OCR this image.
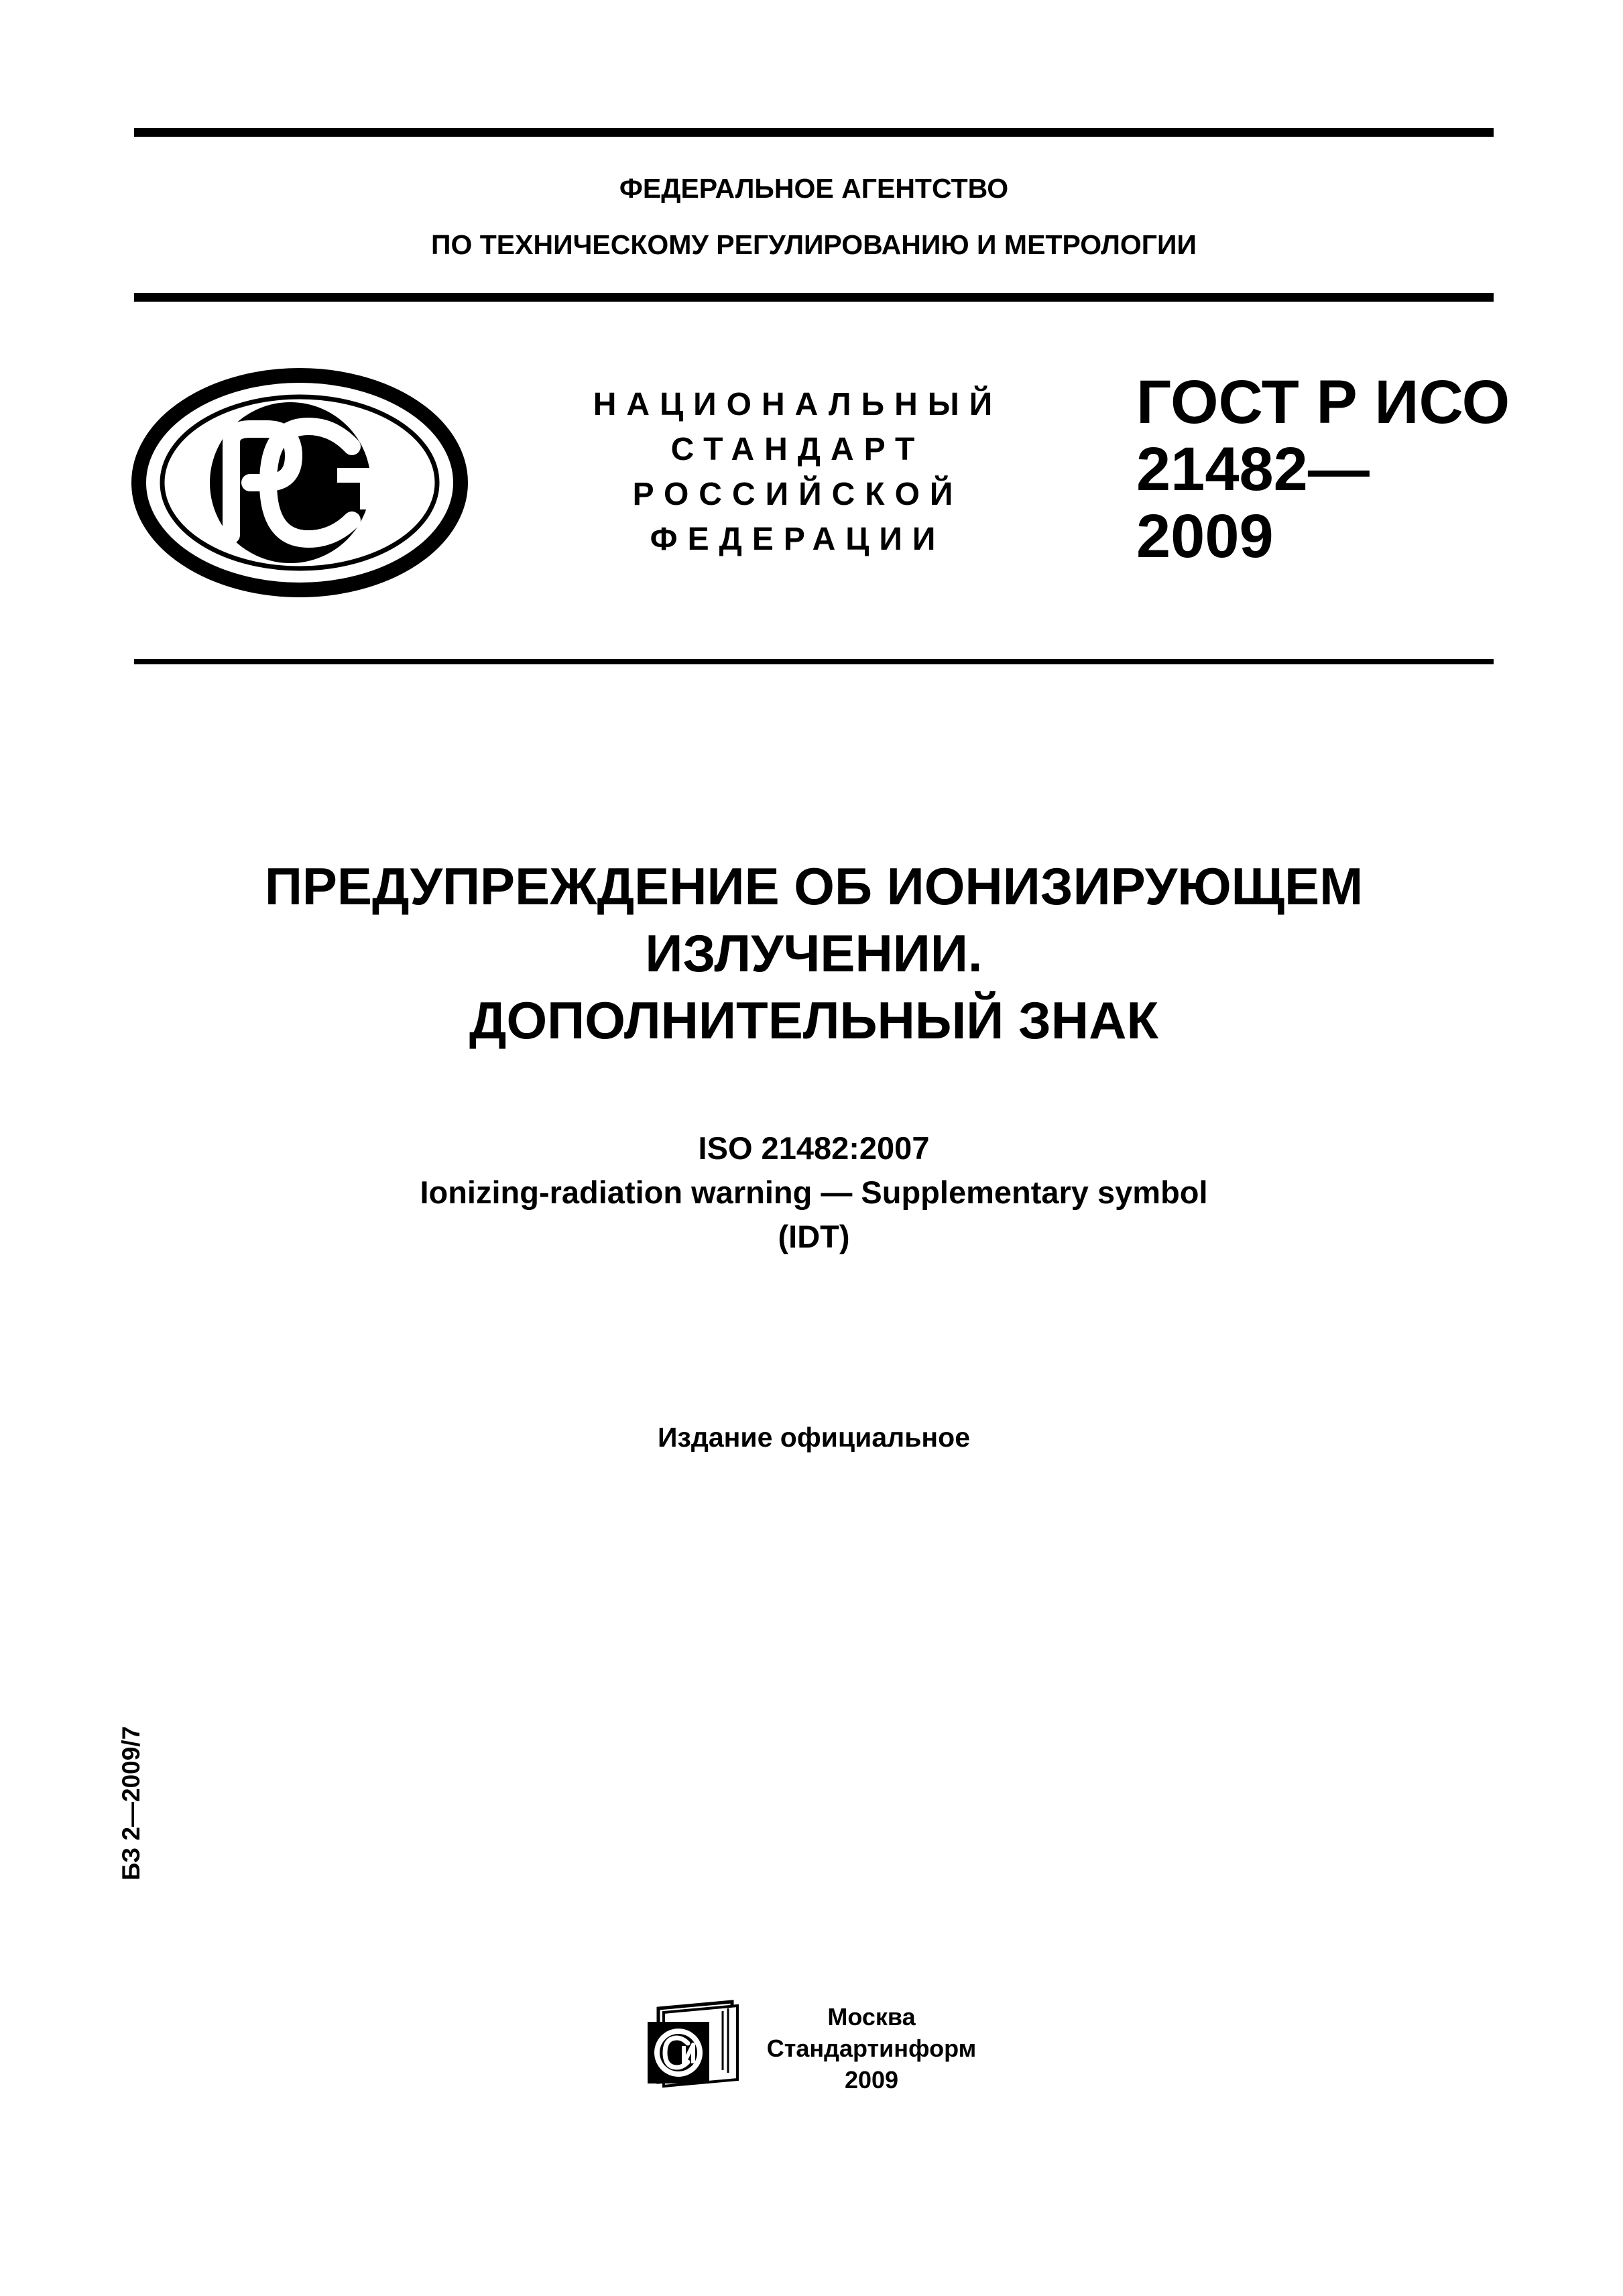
ФЕДЕРАЛЬНОЕ АГЕНТСТВО
ПО ТЕХНИЧЕСКОМУ РЕГУЛИРОВАНИЮ И МЕТРОЛОГИИ
НАЦИОНАЛЬНЫЙ
СТАНДАРТ
РОССИЙСКОЙ
ФЕДЕРАЦИИ
ГОСТ Р ИСО
21482—
2009
ПРЕДУПРЕЖДЕНИЕ ОБ ИОНИЗИРУЮЩЕМ
ИЗЛУЧЕНИИ.
ДОПОЛНИТЕЛЬНЫЙ ЗНАК
ISO 21482:2007
Ionizing-radiation warning — Supplementary symbol
(IDT)
Издание официальное
БЗ 2—2009/7
Москва
Стандартинформ
2009
